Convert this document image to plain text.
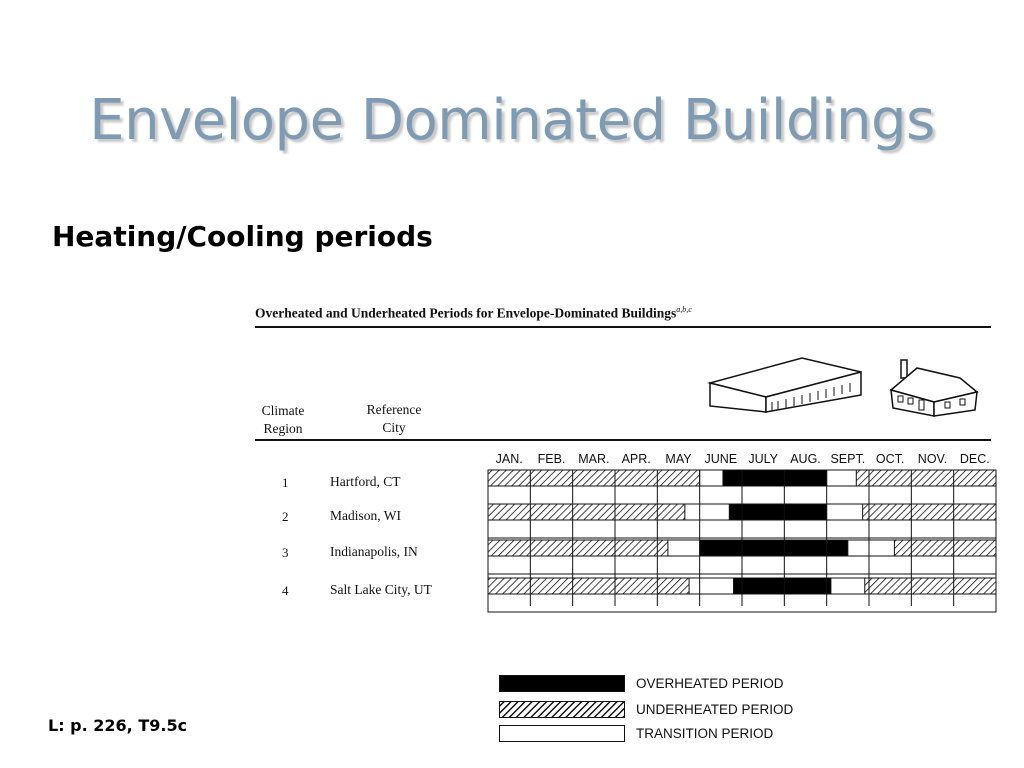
Envelope Dominated Buildings
Heating/Cooling periods
Overheated and Underheated Periods for Envelope-Dominated Buildings$^{a,b,c}$
Climate
Region
Reference
City
JAN. FEB. MAR. APR. MAY JUNE JULY AUG. SEPT. OCT. NOV. DEC.
1	Hartford, CT
2	Madison, WI
3	Indianapolis, IN
4	Salt Lake City, UT
OVERHEATED PERIOD
UNDERHEATED PERIOD
TRANSITION PERIOD
L: p. 226, T9.5c
